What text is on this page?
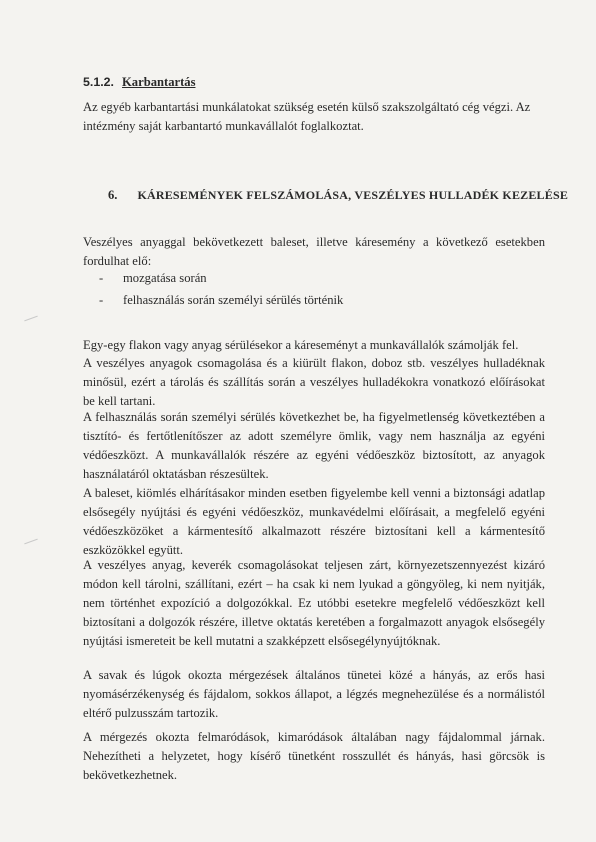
5.1.2. Karbantartás

Az egyéb karbantartási munkálatokat szükség esetén külső szakszolgáltató cég végzi. Az intézmény saját karbantartó munkavállalót foglalkoztat.

6. KÁRESEMÉNYEK FELSZÁMOLÁSA, VESZÉLYES HULLADÉK KEZELÉSE

Veszélyes anyaggal bekövetkezett baleset, illetve káresemény a következő esetekben fordulhat elő:

- mozgatása során
- felhasználás során személyi sérülés történik

Egy-egy flakon vagy anyag sérülésekor a káreseményt a munkavállalók számolják fel.

A veszélyes anyagok csomagolása és a kiürült flakon, doboz stb. veszélyes hulladéknak minősül, ezért a tárolás és szállítás során a veszélyes hulladékokra vonatkozó előírásokat be kell tartani.

A felhasználás során személyi sérülés következhet be, ha figyelmetlenség következtében a tisztító- és fertőtlenítőszer az adott személyre ömlik, vagy nem használja az egyéni védőeszközt. A munkavállalók részére az egyéni védőeszköz biztosított, az anyagok használatáról oktatásban részesültek.

A baleset, kiömlés elhárításakor minden esetben figyelembe kell venni a biztonsági adatlap elsősegély nyújtási és egyéni védőeszköz, munkavédelmi előírásait, a megfelelő egyéni védőeszközöket a kármentesítő alkalmazott részére biztosítani kell a kármentesítő eszközökkel együtt.

A veszélyes anyag, keverék csomagolásokat teljesen zárt, környezetszennyezést kizáró módon kell tárolni, szállítani, ezért – ha csak ki nem lyukad a göngyöleg, ki nem nyitják, nem történhet expozíció a dolgozókkal. Ez utóbbi esetekre megfelelő védőeszközt kell biztosítani a dolgozók részére, illetve oktatás keretében a forgalmazott anyagok elsősegély nyújtási ismereteit be kell mutatni a szakképzett elsősegélynyújtóknak.

A savak és lúgok okozta mérgezések általános tünetei közé a hányás, az erős hasi nyomásérzékenység és fájdalom, sokkos állapot, a légzés megnehezülése és a normálistól eltérő pulzusszám tartozik.

A mérgezés okozta felmaródások, kimaródások általában nagy fájdalommal járnak. Nehezítheti a helyzetet, hogy kísérő tünetként rosszullét és hányás, hasi görcsök is bekövetkezhetnek.
